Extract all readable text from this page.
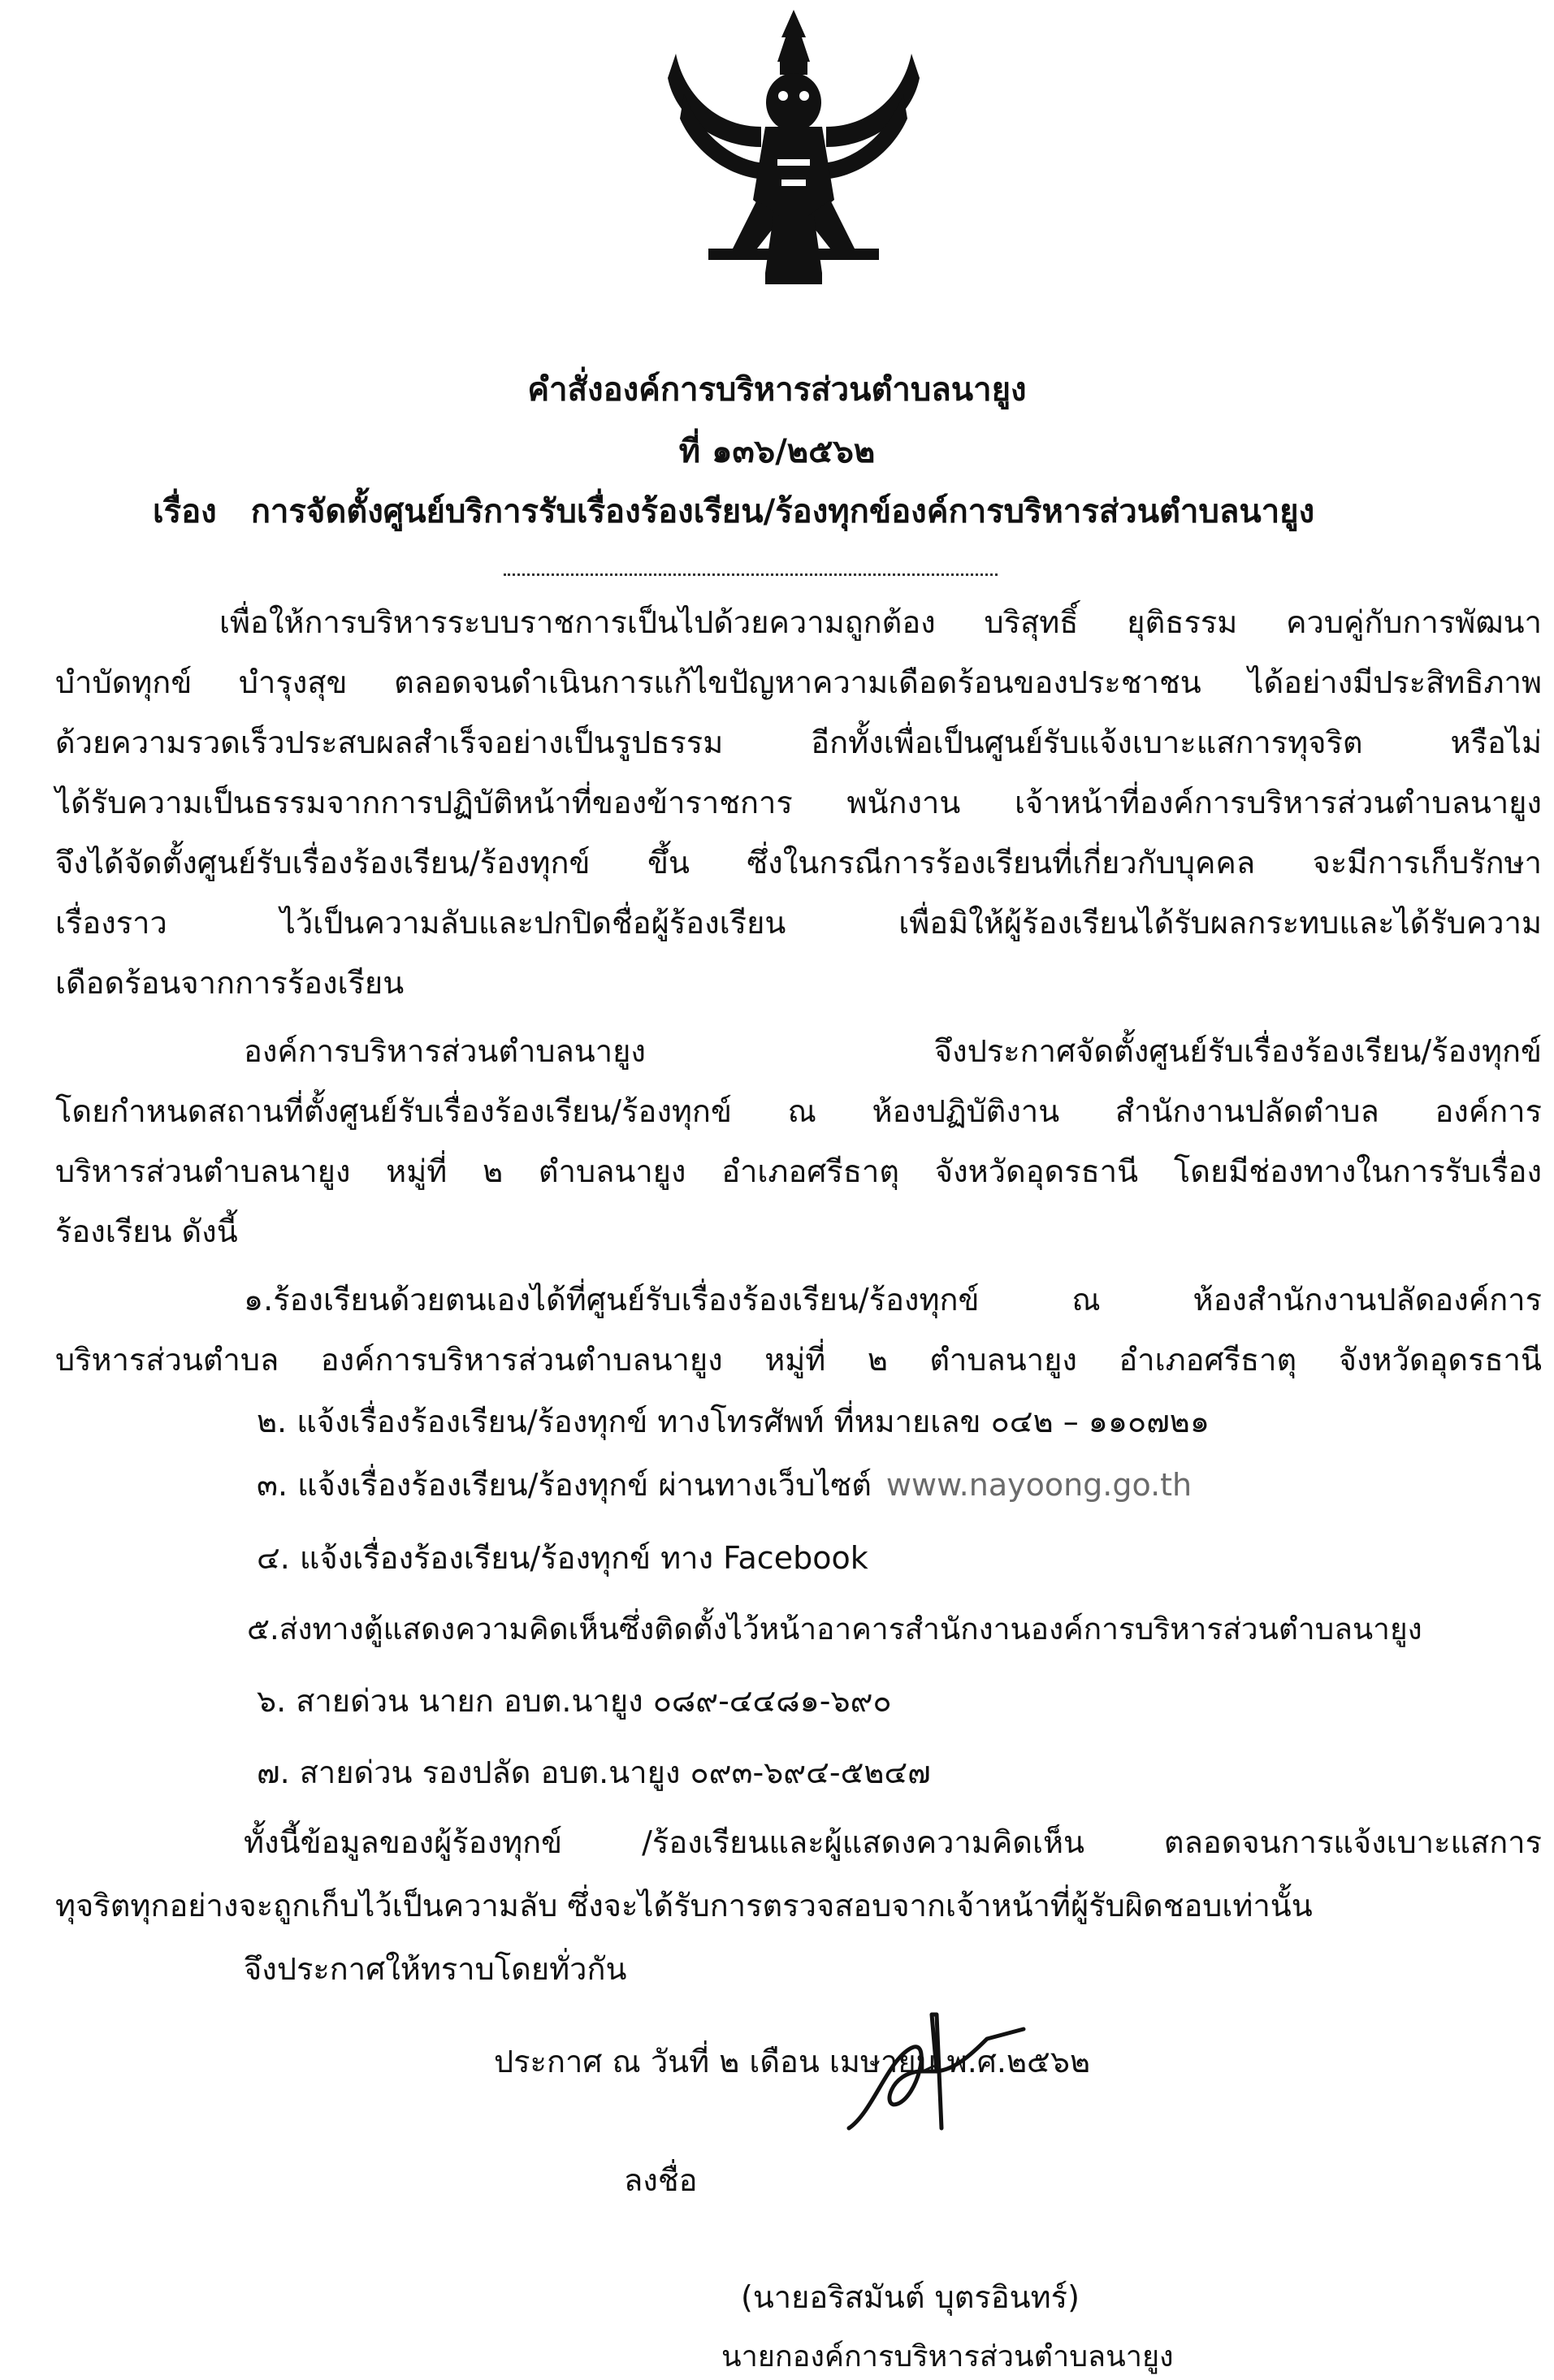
คำสั่งองค์การบริหารส่วนตำบลนายูง
ที่ ๑๓๖/๒๕๖๒
เรื่อง การจัดตั้งศูนย์บริการรับเรื่องร้องเรียน/ร้องทุกข์องค์การบริหารส่วนตำบลนายูง
เพื่อให้การบริหารระบบราชการเป็นไปด้วยความถูกต้อง บริสุทธิ์ ยุติธรรม ควบคู่กับการพัฒนา
บำบัดทุกข์ บำรุงสุข ตลอดจนดำเนินการแก้ไขปัญหาความเดือดร้อนของประชาชน ได้อย่างมีประสิทธิภาพ
ด้วยความรวดเร็วประสบผลสำเร็จอย่างเป็นรูปธรรม อีกทั้งเพื่อเป็นศูนย์รับแจ้งเบาะแสการทุจริต หรือไม่
ได้รับความเป็นธรรมจากการปฏิบัติหน้าที่ของข้าราชการ พนักงาน เจ้าหน้าที่องค์การบริหารส่วนตำบลนายูง
จึงได้จัดตั้งศูนย์รับเรื่องร้องเรียน/ร้องทุกข์ ขึ้น ซึ่งในกรณีการร้องเรียนที่เกี่ยวกับบุคคล จะมีการเก็บรักษา
เรื่องราว ไว้เป็นความลับและปกปิดชื่อผู้ร้องเรียน เพื่อมิให้ผู้ร้องเรียนได้รับผลกระทบและได้รับความ
เดือดร้อนจากการร้องเรียน
องค์การบริหารส่วนตำบลนายูง จึงประกาศจัดตั้งศูนย์รับเรื่องร้องเรียน/ร้องทุกข์
โดยกำหนดสถานที่ตั้งศูนย์รับเรื่องร้องเรียน/ร้องทุกข์ ณ ห้องปฏิบัติงาน สำนักงานปลัดตำบล องค์การ
บริหารส่วนตำบลนายูง หมู่ที่ ๒ ตำบลนายูง อำเภอศรีธาตุ จังหวัดอุดรธานี โดยมีช่องทางในการรับเรื่อง
ร้องเรียน ดังนี้
๑.ร้องเรียนด้วยตนเองได้ที่ศูนย์รับเรื่องร้องเรียน/ร้องทุกข์ ณ ห้องสำนักงานปลัดองค์การ
บริหารส่วนตำบล องค์การบริหารส่วนตำบลนายูง หมู่ที่ ๒ ตำบลนายูง อำเภอศรีธาตุ จังหวัดอุดรธานี
๒. แจ้งเรื่องร้องเรียน/ร้องทุกข์ ทางโทรศัพท์ ที่หมายเลข ๐๔๒ – ๑๑๐๗๒๑
๓. แจ้งเรื่องร้องเรียน/ร้องทุกข์ ผ่านทางเว็บไซต์ www.nayoong.go.th
๔. แจ้งเรื่องร้องเรียน/ร้องทุกข์ ทาง Facebook
๕.ส่งทางตู้แสดงความคิดเห็นซึ่งติดตั้งไว้หน้าอาคารสำนักงานองค์การบริหารส่วนตำบลนายูง
๖. สายด่วน นายก อบต.นายูง ๐๘๙-๔๔๘๑-๖๙๐
๗. สายด่วน รองปลัด อบต.นายูง ๐๙๓-๖๙๔-๕๒๔๗
ทั้งนี้ข้อมูลของผู้ร้องทุกข์ /ร้องเรียนและผู้แสดงความคิดเห็น ตลอดจนการแจ้งเบาะแสการ
ทุจริตทุกอย่างจะถูกเก็บไว้เป็นความลับ ซึ่งจะได้รับการตรวจสอบจากเจ้าหน้าที่ผู้รับผิดชอบเท่านั้น
จึงประกาศให้ทราบโดยทั่วกัน
ประกาศ ณ วันที่ ๒ เดือน เมษายน พ.ศ.๒๕๖๒
ลงชื่อ
(นายอริสมันต์ บุตรอินทร์)
นายกองค์การบริหารส่วนตำบลนายูง
